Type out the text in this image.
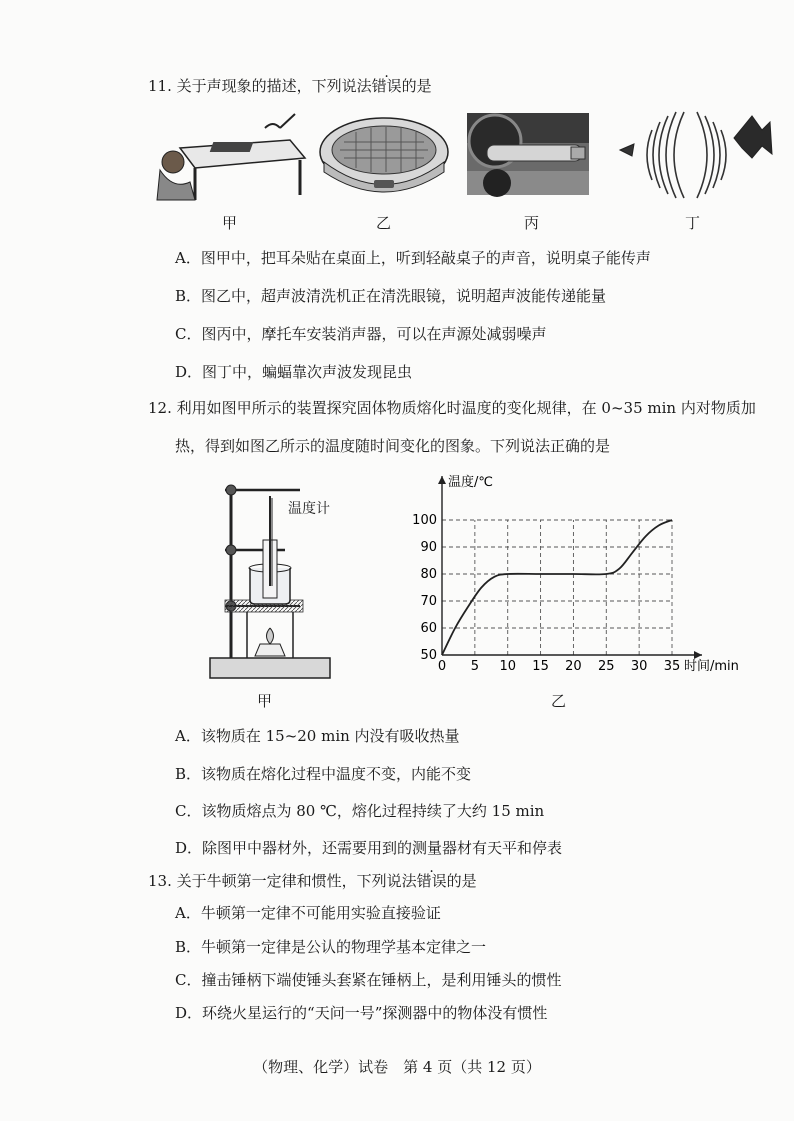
11. 关于声现象的描述，下列说法错误的是
甲	乙	丙	丁
A．图甲中，把耳朵贴在桌面上，听到轻敲桌子的声音，说明桌子能传声
B．图乙中，超声波清洗机正在清洗眼镜，说明超声波能传递能量
C．图丙中，摩托车安装消声器，可以在声源处减弱噪声
D．图丁中，蝙蝠靠次声波发现昆虫
12. 利用如图甲所示的装置探究固体物质熔化时温度的变化规律，在 0~35 min 内对物质加
热，得到如图乙所示的温度随时间变化的图象。下列说法正确的是
温度计
0 5 10 15 20 25 30 35
50
60
70
80
90
100
温度/℃
时间/min
甲	乙
A．该物质在 15~20 min 内没有吸收热量
B．该物质在熔化过程中温度不变，内能不变
C．该物质熔点为 80 ℃，熔化过程持续了大约 15 min
D．除图甲中器材外，还需要用到的测量器材有天平和停表
13. 关于牛顿第一定律和惯性，下列说法错误的是
A．牛顿第一定律不可能用实验直接验证
B．牛顿第一定律是公认的物理学基本定律之一
C．撞击锤柄下端使锤头套紧在锤柄上，是利用锤头的惯性
D．环绕火星运行的“天问一号”探测器中的物体没有惯性
（物理、化学）试卷　第 4 页（共 12 页）
